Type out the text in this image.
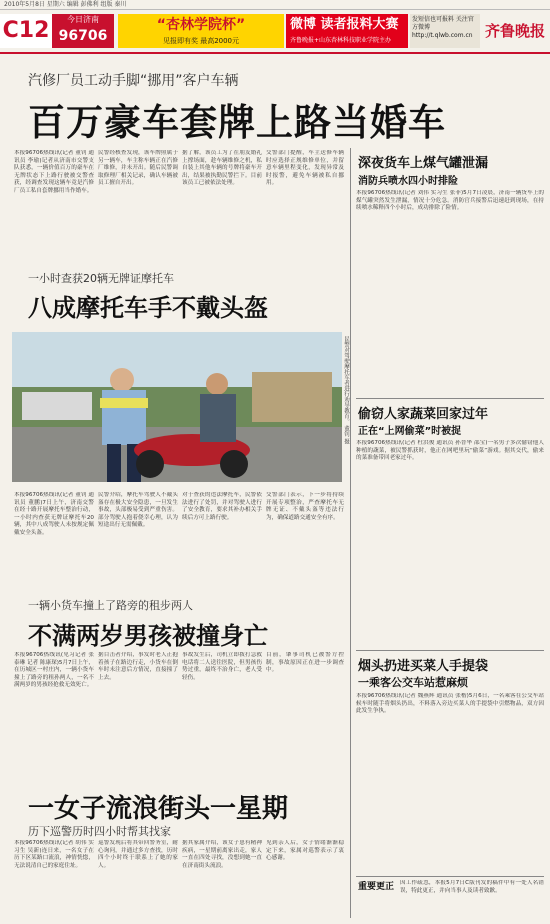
2010年5月8日 星期六 编辑 彭佛利 组版 秦川
C12	今日济南
96706
“杏林学院杯”
见报即有奖 最高2000元
微博 读者报料大赛
齐鲁晚报+山东杏林科技职业学院主办
发短信也可报料 关注官方微博 http://t.qlwb.com.cn 齐鲁晚报
汽修厂员工动手脚“挪用”客户车辆
百万豪车套牌上路当婚车
本报96706热线讯(记者 董钊 通讯员 李瑜)记者从济南市交警支队获悉，一辆价值百万的豪车在无牌状态下上路行驶被交警查获，经调查发现这辆车竟是汽修厂员工私自套牌挪用当作婚车。
民警经核查发现，该车牌照属于另一辆车，车主称车辆正在汽修厂维修，并未开出。随后民警调取修理厂相关记录，确认车辆被员工擅自开出。
据了解，该员工为了在朋友婚礼上撑场面，趁车辆维修之机，私自装上其他车辆的号牌将豪车开出，结果被执勤民警拦下。目前该员工已被依法处理。
交警部门提醒，车主送修车辆时应选择正规维修单位，并留意车辆里程变化，发现异常及时报警，避免车辆被私自挪用。
一小时查获20辆无牌证摩托车
八成摩托车手不戴头盔
民警对驾驶摩托车者进行劝导教育。 董钊 摄
本报96706热线讯(记者 董钊 通讯员 董鹏)7日上午，济南交警在经十路开展摩托车整治行动，一小时内查获无牌证摩托车20辆，其中八成驾驶人未按规定佩戴安全头盔。
民警介绍，摩托车驾驶人不戴头盔存在极大安全隐患，一旦发生事故，头部极易受到严重伤害。部分驾驶人抱着侥幸心理，认为短途出行无需佩戴。
对于查获的违法摩托车，民警依法进行了处罚，并对驾驶人进行了安全教育，要求其补办相关手续后方可上路行驶。
交警部门表示，下一步将持续开展专项整治，严查摩托车无牌无证、不戴头盔等违法行为，确保道路交通安全有序。
一辆小货车撞上了路旁的租步两人
不满两岁男孩被撞身亡
本报96706热线讯(见习记者 张泰琳 记者 陈康琛)5月7日上午，在历城区一村庄内，一辆小货车撞上了路旁的租孙两人，一名不满两岁的男孩经抢救无效死亡。
据目击者介绍，事发时老人正抱着孩子在路边行走，小货车在倒车时未注意后方情况，直接撞了上去。
事故发生后，司机立即拨打急救电话将二人送往医院，但男孩伤势过重，最终不治身亡，老人受轻伤。
目前，肇事司机已被警方控制，事故原因正在进一步调查中。
一女子流浪街头一星期
历下巡警历时四小时帮其找家
本报96706热线讯(记者 胡伟 实习生 吴新)连日来，一名女子在历下区某路口流浪，神情恍惚，无法说清自己的家庭住址。
巡警发现后将其带回警务室，耐心询问，并通过多方查找，历时四个小时终于联系上了她的家人。
据其家属介绍，该女子患有精神疾病，一星期前离家出走，家人一直在四处寻找，没想到她一直在济南街头流浪。
见到亲人后，女子情绪渐渐稳定下来，家属对巡警表示了衷心感谢。
深夜货车上煤气罐泄漏
消防兵喷水四小时排险
本报96706热线讯(记者 刘伟 实习生 张菲)5月7日凌晨，济南一辆货车上的煤气罐突然发生泄漏，情况十分危急。消防官兵接警后迅速赶到现场，在持续喷水稀释四个小时后，成功排除了险情。
偷窃人家蔬菜回家过年
正在“上网偷菜”时被捉
本报96706热线讯(记者 杜洪俊 通讯员 孙晋华 邵宝)一名男子多次偷窃他人种植的蔬菜，被民警抓获时，他正在网吧里玩“偷菜”游戏。据其交代，偷来的菜准备带回老家过年。
烟头扔进买菜人手提袋
一乘客公交车站惹麻烦
本报96706热线讯(记者 魏燕辉 通讯员 张楷)5月6日，一名乘客在公交车站候车时随手将烟头扔出，不料落入旁边买菜人的手提袋中引燃物品，双方因此发生争执。
重要更正 因工作疏忽，本报5月7日C版刊发的稿件中有一处人名错误，特此更正，并向当事人及读者致歉。
